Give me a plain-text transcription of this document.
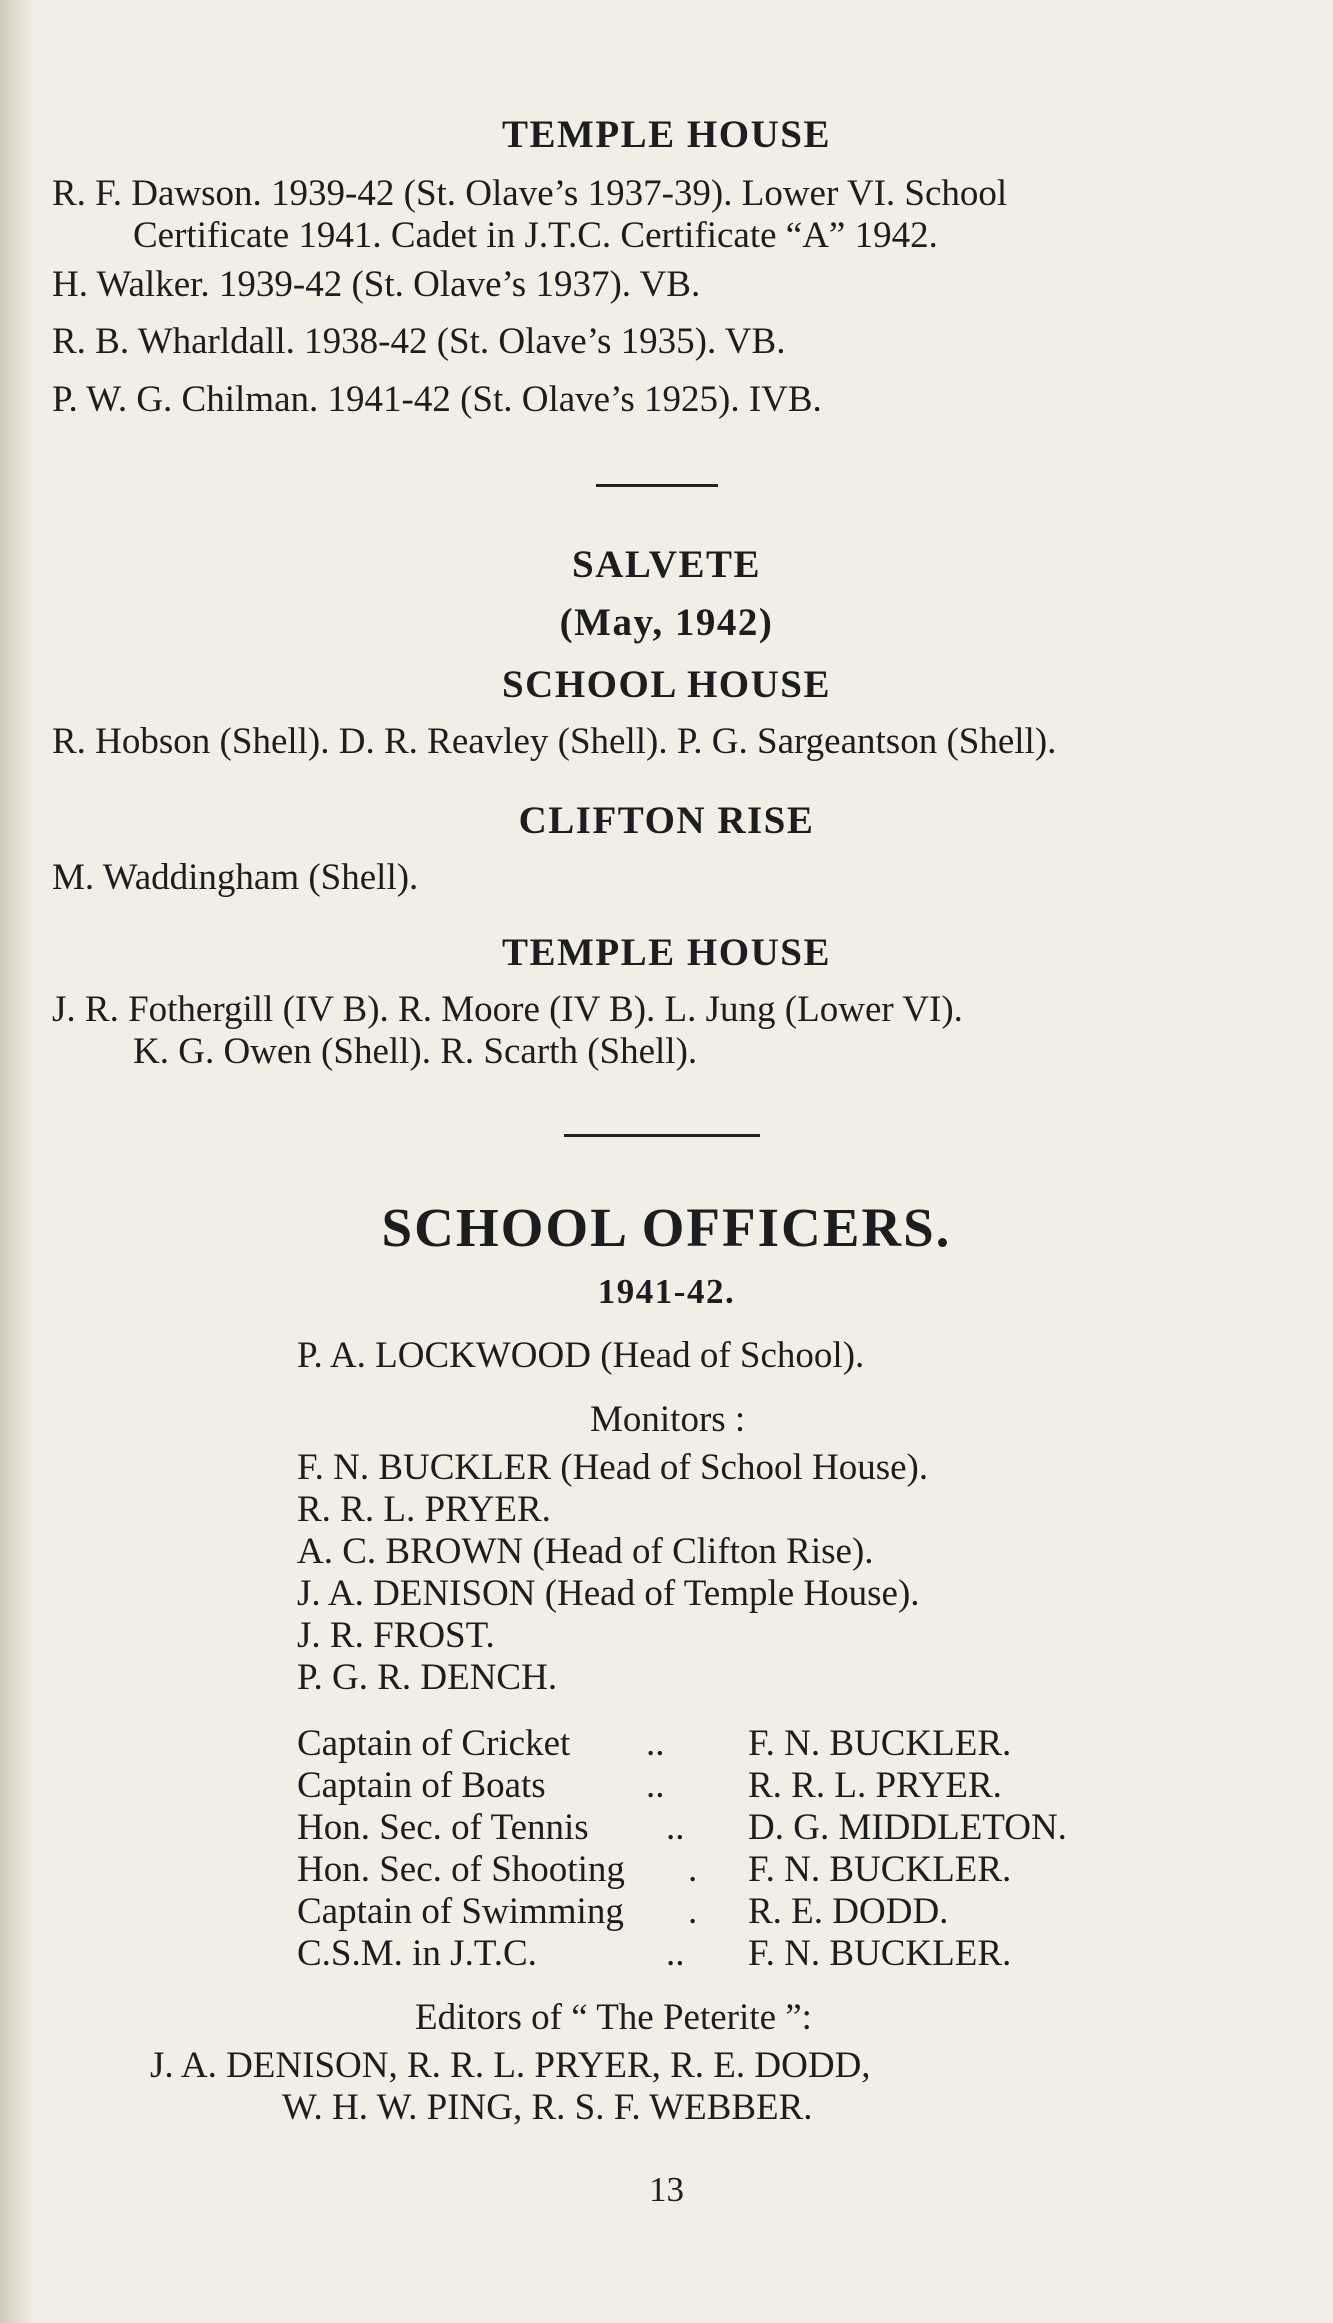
TEMPLE HOUSE
R. F. Dawson. 1939-42 (St. Olave’s 1937-39). Lower VI. School
Certificate 1941. Cadet in J.T.C. Certificate “A” 1942.
H. Walker. 1939-42 (St. Olave’s 1937). VB.
R. B. Wharldall. 1938-42 (St. Olave’s 1935). VB.
P. W. G. Chilman. 1941-42 (St. Olave’s 1925). IVB.
SALVETE
(May, 1942)
SCHOOL HOUSE
R. Hobson (Shell). D. R. Reavley (Shell). P. G. Sargeantson (Shell).
CLIFTON RISE
M. Waddingham (Shell).
TEMPLE HOUSE
J. R. Fothergill (IV B). R. Moore (IV B). L. Jung (Lower VI).
K. G. Owen (Shell). R. Scarth (Shell).
SCHOOL OFFICERS.
1941-42.
P. A. LOCKWOOD (Head of School).
Monitors :
F. N. BUCKLER (Head of School House).
R. R. L. PRYER.
A. C. BROWN (Head of Clifton Rise).
J. A. DENISON (Head of Temple House).
J. R. FROST.
P. G. R. DENCH.
Captain of Cricket .. F. N. BUCKLER.
Captain of Boats	.. R. R. L. PRYER.
Hon. Sec. of Tennis .. D. G. MIDDLETON.
Hon. Sec. of Shooting . F. N. BUCKLER.
Captain of Swimming . R. E. DODD.
C.S.M. in J.T.C.	.. F. N. BUCKLER.
Editors of “ The Peterite ”:
J. A. DENISON, R. R. L. PRYER, R. E. DODD,
W. H. W. PING, R. S. F. WEBBER.
13
